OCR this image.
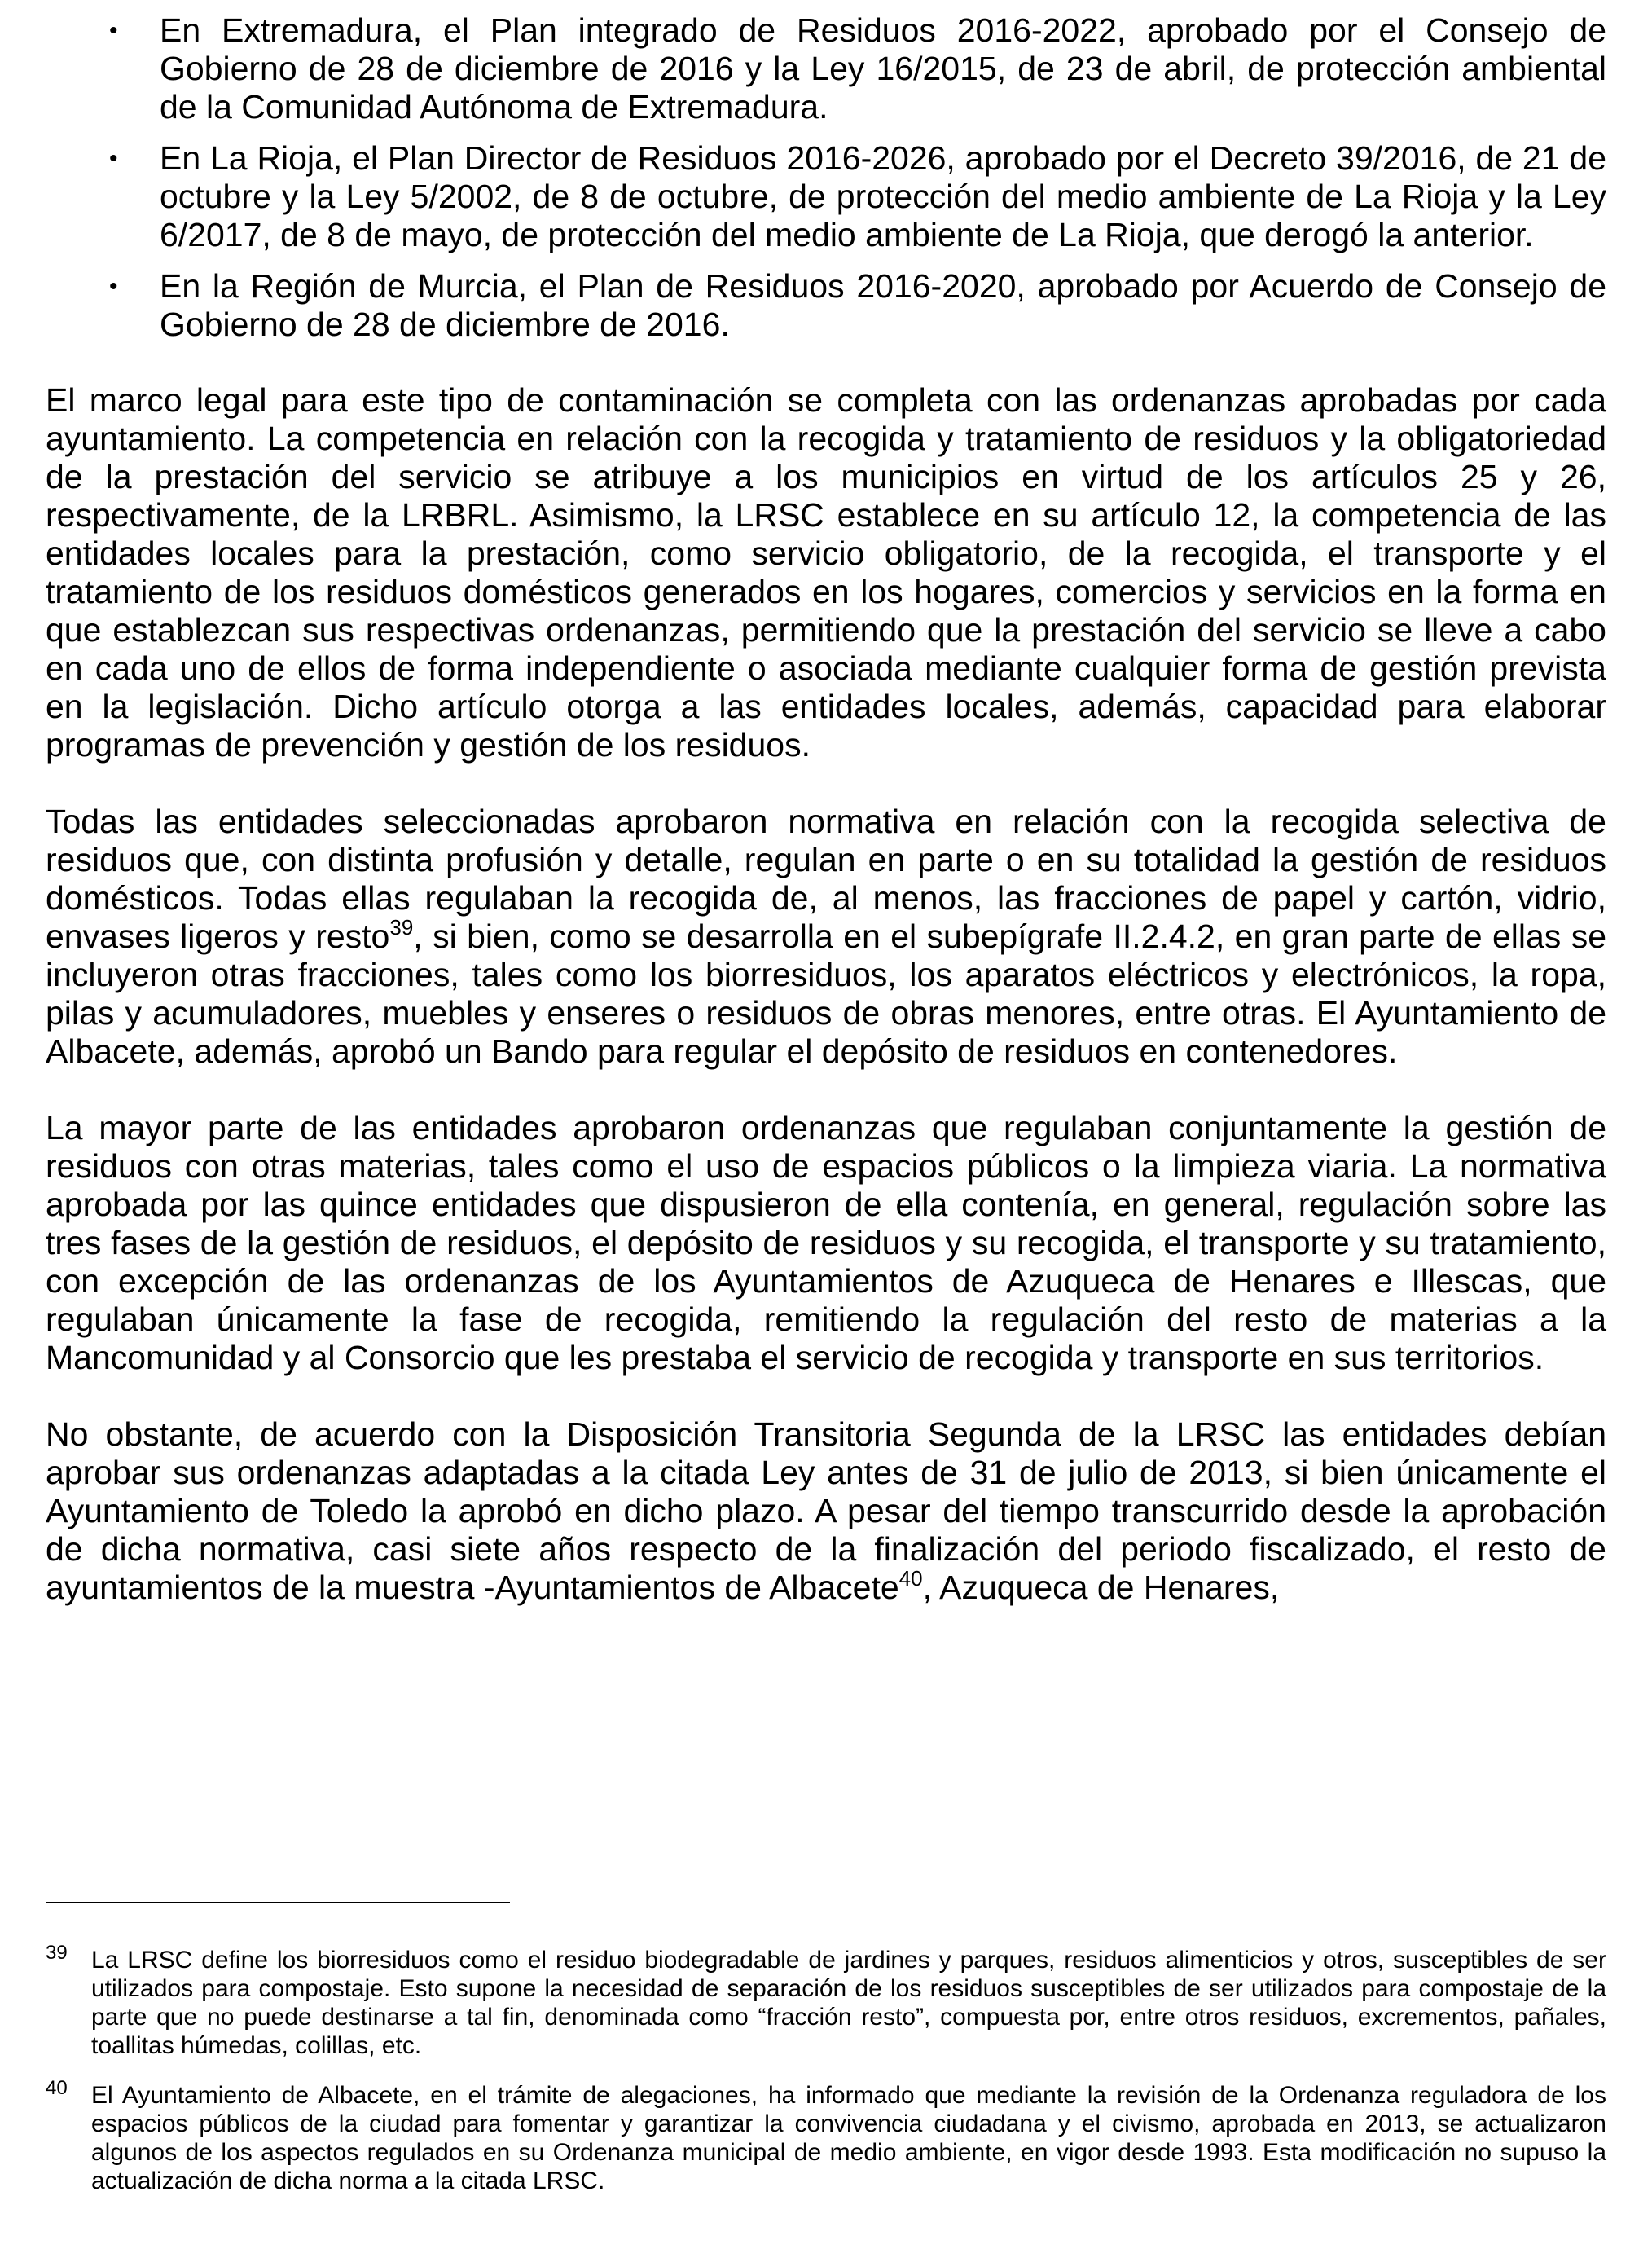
• En Extremadura, el Plan integrado de Residuos 2016-2022, aprobado por el Consejo de Gobierno de 28 de diciembre de 2016 y la Ley 16/2015, de 23 de abril, de protección ambiental de la Comunidad Autónoma de Extremadura.
• En La Rioja, el Plan Director de Residuos 2016-2026, aprobado por el Decreto 39/2016, de 21 de octubre y la Ley 5/2002, de 8 de octubre, de protección del medio ambiente de La Rioja y la Ley 6/2017, de 8 de mayo, de protección del medio ambiente de La Rioja, que derogó la anterior.
• En la Región de Murcia, el Plan de Residuos 2016-2020, aprobado por Acuerdo de Consejo de Gobierno de 28 de diciembre de 2016.

El marco legal para este tipo de contaminación se completa con las ordenanzas aprobadas por cada ayuntamiento. La competencia en relación con la recogida y tratamiento de residuos y la obligatoriedad de la prestación del servicio se atribuye a los municipios en virtud de los artículos 25 y 26, respectivamente, de la LRBRL. Asimismo, la LRSC establece en su artículo 12, la competencia de las entidades locales para la prestación, como servicio obligatorio, de la recogida, el transporte y el tratamiento de los residuos domésticos generados en los hogares, comercios y servicios en la forma en que establezcan sus respectivas ordenanzas, permitiendo que la prestación del servicio se lleve a cabo en cada uno de ellos de forma independiente o asociada mediante cualquier forma de gestión prevista en la legislación. Dicho artículo otorga a las entidades locales, además, capacidad para elaborar programas de prevención y gestión de los residuos.

Todas las entidades seleccionadas aprobaron normativa en relación con la recogida selectiva de residuos que, con distinta profusión y detalle, regulan en parte o en su totalidad la gestión de residuos domésticos. Todas ellas regulaban la recogida de, al menos, las fracciones de papel y cartón, vidrio, envases ligeros y resto$^{39}$, si bien, como se desarrolla en el subepígrafe II.2.4.2, en gran parte de ellas se incluyeron otras fracciones, tales como los biorresiduos, los aparatos eléctricos y electrónicos, la ropa, pilas y acumuladores, muebles y enseres o residuos de obras menores, entre otras. El Ayuntamiento de Albacete, además, aprobó un Bando para regular el depósito de residuos en contenedores.

La mayor parte de las entidades aprobaron ordenanzas que regulaban conjuntamente la gestión de residuos con otras materias, tales como el uso de espacios públicos o la limpieza viaria. La normativa aprobada por las quince entidades que dispusieron de ella contenía, en general, regulación sobre las tres fases de la gestión de residuos, el depósito de residuos y su recogida, el transporte y su tratamiento, con excepción de las ordenanzas de los Ayuntamientos de Azuqueca de Henares e Illescas, que regulaban únicamente la fase de recogida, remitiendo la regulación del resto de materias a la Mancomunidad y al Consorcio que les prestaba el servicio de recogida y transporte en sus territorios.

No obstante, de acuerdo con la Disposición Transitoria Segunda de la LRSC las entidades debían aprobar sus ordenanzas adaptadas a la citada Ley antes de 31 de julio de 2013, si bien únicamente el Ayuntamiento de Toledo la aprobó en dicho plazo. A pesar del tiempo transcurrido desde la aprobación de dicha normativa, casi siete años respecto de la finalización del periodo fiscalizado, el resto de ayuntamientos de la muestra -Ayuntamientos de Albacete$^{40}$, Azuqueca de Henares,

39 La LRSC define los biorresiduos como el residuo biodegradable de jardines y parques, residuos alimenticios y otros, susceptibles de ser utilizados para compostaje. Esto supone la necesidad de separación de los residuos susceptibles de ser utilizados para compostaje de la parte que no puede destinarse a tal fin, denominada como “fracción resto”, compuesta por, entre otros residuos, excrementos, pañales, toallitas húmedas, colillas, etc.
40 El Ayuntamiento de Albacete, en el trámite de alegaciones, ha informado que mediante la revisión de la Ordenanza reguladora de los espacios públicos de la ciudad para fomentar y garantizar la convivencia ciudadana y el civismo, aprobada en 2013, se actualizaron algunos de los aspectos regulados en su Ordenanza municipal de medio ambiente, en vigor desde 1993. Esta modificación no supuso la actualización de dicha norma a la citada LRSC.
